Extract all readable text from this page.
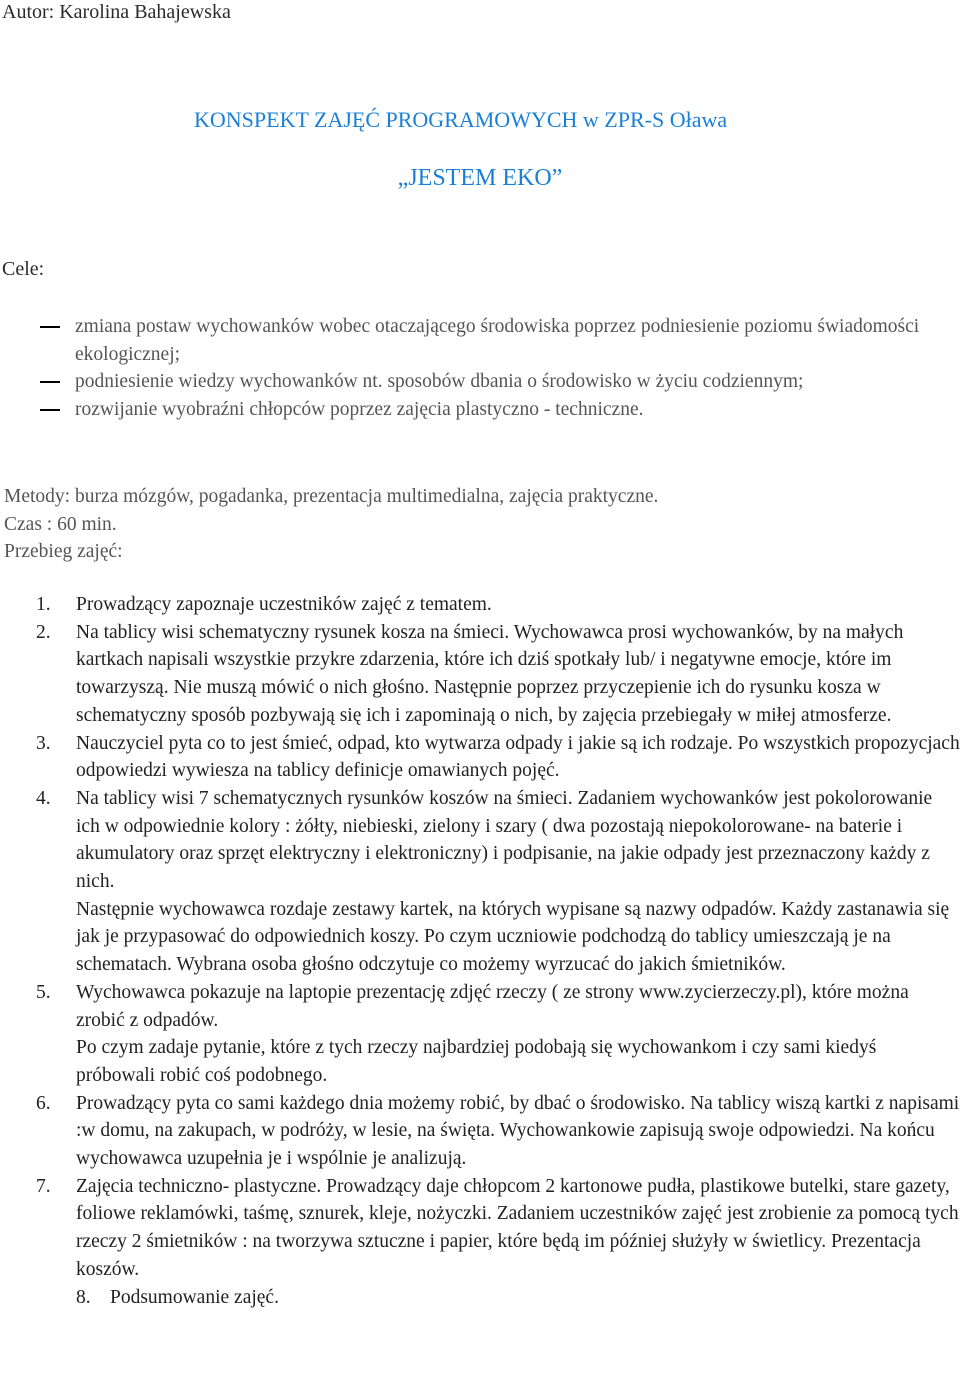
Autor: Karolina Bahajewska
KONSPEKT ZAJĘĆ PROGRAMOWYCH w ZPR-S Oława
„JESTEM EKO”
Cele:
zmiana postaw wychowanków wobec otaczającego środowiska poprzez podniesienie poziomu świadomości ekologicznej;
podniesienie wiedzy wychowanków nt. sposobów dbania o środowisko w życiu codziennym;
rozwijanie wyobraźni chłopców poprzez zajęcia plastyczno - techniczne.
Metody: burza mózgów, pogadanka, prezentacja multimedialna, zajęcia praktyczne.
Czas : 60 min.
Przebieg zajęć:
1.	Prowadzący zapoznaje uczestników zajęć z tematem.

2.	Na tablicy wisi schematyczny rysunek kosza na śmieci. Wychowawca prosi wychowanków, by na małych kartkach napisali wszystkie przykre zdarzenia, które ich dziś spotkały lub/ i negatywne emocje, które im towarzyszą. Nie muszą mówić o nich głośno. Następnie poprzez przyczepienie ich do rysunku kosza w schematyczny sposób pozbywają się ich i zapominają o nich, by zajęcia przebiegały w miłej atmosferze.

3.	Nauczyciel pyta co to jest śmieć, odpad, kto wytwarza odpady i jakie są ich rodzaje. Po wszystkich propozycjach odpowiedzi wywiesza na tablicy definicje omawianych pojęć.

4.	Na tablicy wisi 7 schematycznych rysunków koszów na śmieci. Zadaniem wychowanków jest pokolorowanie ich w odpowiednie kolory : żółty, niebieski, zielony i szary ( dwa pozostają niepokolorowane- na baterie i akumulatory oraz sprzęt elektryczny i elektroniczny) i podpisanie, na jakie odpady jest przeznaczony każdy z nich.

Następnie wychowawca rozdaje zestawy kartek, na których wypisane są nazwy odpadów. Każdy zastanawia się jak je przypasować do odpowiednich koszy. Po czym uczniowie podchodzą do tablicy umieszczają je na schematach. Wybrana osoba głośno odczytuje co możemy wyrzucać do jakich śmietników.

5.	Wychowawca pokazuje na laptopie prezentację zdjęć rzeczy ( ze strony www.zycierzeczy.pl), które można zrobić z odpadów.

Po czym zadaje pytanie, które z tych rzeczy najbardziej podobają się wychowankom i czy sami kiedyś próbowali robić coś podobnego.

6.	Prowadzący pyta co sami każdego dnia możemy robić, by dbać o środowisko. Na tablicy wiszą kartki z napisami :w domu, na zakupach, w podróży, w lesie, na święta. Wychowankowie zapisują swoje odpowiedzi. Na końcu wychowawca uzupełnia je i wspólnie je analizują.

7.	Zajęcia techniczno- plastyczne. Prowadzący daje chłopcom 2 kartonowe pudła, plastikowe butelki, stare gazety, foliowe reklamówki, taśmę, sznurek, kleje, nożyczki. Zadaniem uczestników zajęć jest zrobienie za pomocą tych rzeczy 2 śmietników : na tworzywa sztuczne i papier, które będą im później służyły w świetlicy. Prezentacja koszów.

8. Podsumowanie zajęć.
